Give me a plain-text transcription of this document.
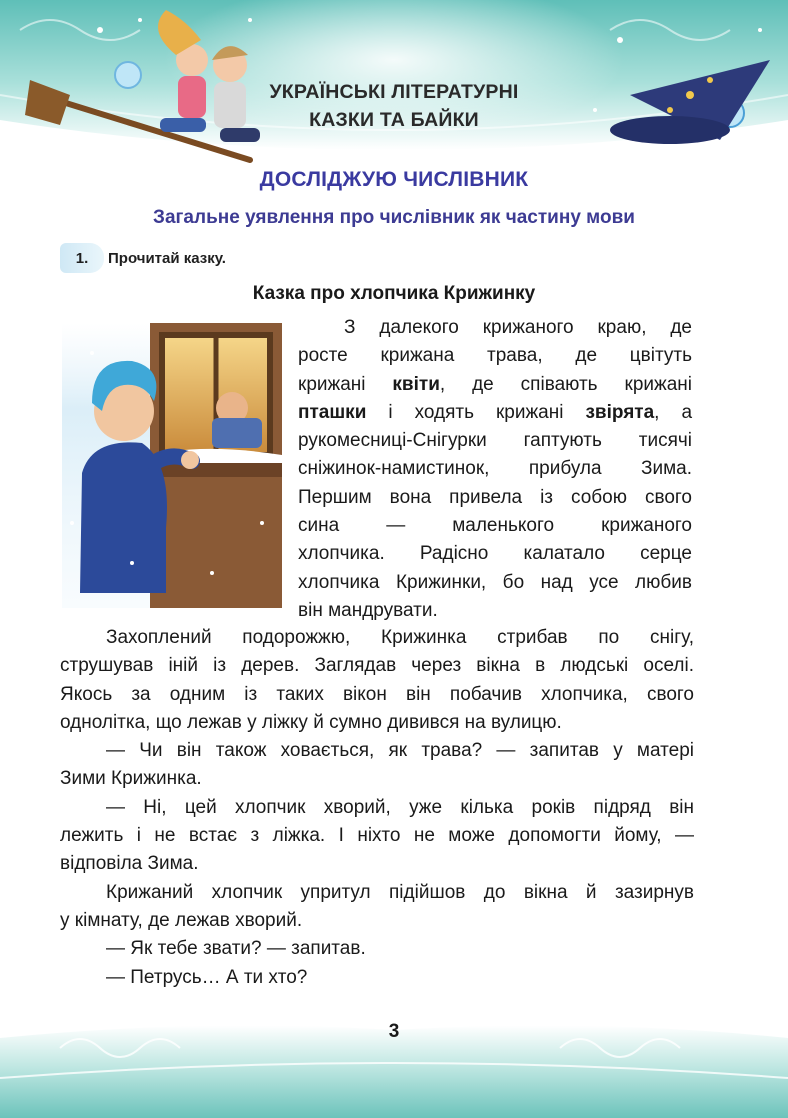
УКРАЇНСЬКІ ЛІТЕРАТУРНІ
КАЗКИ ТА БАЙКИ
ДОСЛІДЖУЮ ЧИСЛІВНИК
Загальне уявлення про числівник як частину мови
1.	Прочитай казку.
Казка про хлопчика Крижинку
З далекого крижаного краю, де
росте крижана трава, де цвітуть
крижані квіти, де співають крижані
пташки і ходять крижані звірята, а
рукомесниці-Снігурки гаптують тисячі
сніжинок-намистинок, прибула Зима.
Першим вона привела із собою свого
сина — маленького крижаного
хлопчика. Радісно калатало серце
хлопчика Крижинки, бо над усе любив
він мандрувати.

Захоплений подорожжю, Крижинка стрибав по снігу,
струшував іній із дерев. Заглядав через вікна в людські оселі.
Якось за одним із таких вікон він побачив хлопчика, свого
однолітка, що лежав у ліжку й сумно дивився на вулицю.

— Чи він також ховається, як трава? — запитав у матері
Зими Крижинка.

— Ні, цей хлопчик хворий, уже кілька років підряд він
лежить і не встає з ліжка. І ніхто не може допомогти йому, —
відповіла Зима.

Крижаний хлопчик упритул підійшов до вікна й зазирнув
у кімнату, де лежав хворий.

— Як тебе звати? — запитав.

— Петрусь… А ти хто?

3
